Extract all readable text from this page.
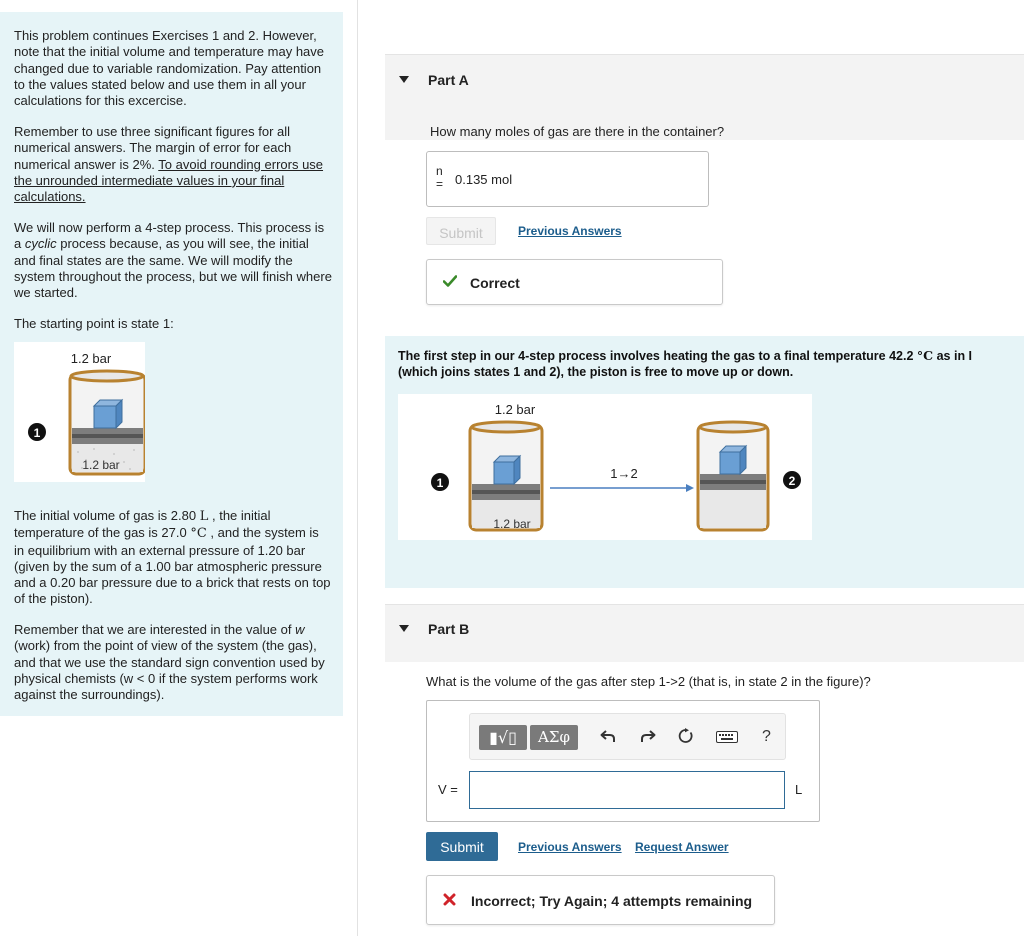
This problem continues Exercises 1 and 2. However, note that the initial volume and temperature may have changed due to variable randomization. Pay attention to the values stated below and use them in all your calculations for this excercise.

Remember to use three significant figures for all numerical answers. The margin of error for each numerical answer is 2%. To avoid rounding errors use the unrounded intermediate values in your final calculations.

We will now perform a 4-step process. This process is a cyclic process because, as you will see, the initial and final states are the same. We will modify the system throughout the process, but we will finish where we started.

The starting point is state 1:

1.2 bar
1.2 bar
1

The initial volume of gas is 2.80 L , the initial temperature of the gas is 27.0 °C , and the system is in equilibrium with an external pressure of 1.20 bar (given by the sum of a 1.00 bar atmospheric pressure and a 0.20 bar pressure due to a brick that rests on top of the piston).

Remember that we are interested in the value of w (work) from the point of view of the system (the gas), and that we use the standard sign convention used by physical chemists (w < 0 if the system performs work against the surroundings).

Part A
How many moles of gas are there in the container?
n
= 0.135 mol
Submit	Previous Answers
Correct
The first step in our 4-step process involves heating the gas to a final temperature 42.2 °C as in I
(which joins states 1 and 2), the piston is free to move up or down.
1.2 bar
1.2 bar
1
1→2	2
Part B
What is the volume of the gas after step 1->2 (that is, in state 2 in the figure)?
▮√▯	ΑΣφ	?
V =	L
Submit	Previous Answers Request Answer
Incorrect; Try Again; 4 attempts remaining
